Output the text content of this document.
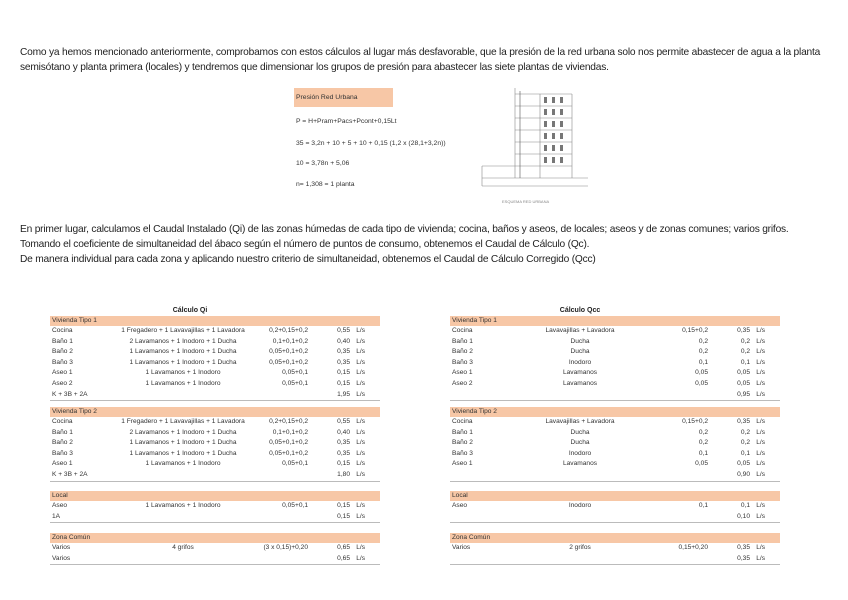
Como ya hemos mencionado anteriormente, comprobamos con estos cálculos al lugar más desfavorable, que la presión de la red urbana solo nos permite abastecer de agua a la planta semisótano y planta primera (locales) y tendremos que dimensionar los grupos de presión para abastecer las siete plantas de viviendas.
Presión Red Urbana
P = H+Pram+Pacs+Pcont+0,15Lt
35 = 3,2n + 10 + 5 + 10 + 0,15 (1,2 x (28,1+3,2n))
10 = 3,78n + 5,06
n= 1,308 = 1 planta
ESQUEMA RED URBANA
En primer lugar, calculamos el Caudal Instalado (Qi) de las zonas húmedas de cada tipo de vivienda; cocina, baños y aseos, de locales; aseos y de zonas comunes; varios grifos.
Tomando el coeficiente de simultaneidad del ábaco según el número de puntos de consumo, obtenemos el Caudal de Cálculo (Qc).
De manera individual para cada zona y aplicando nuestro criterio de simultaneidad, obtenemos el Caudal de Cálculo Corregido (Qcc)
Cálculo Qi	Cálculo Qcc
Vivienda Tipo 1
Cocina	1 Fregadero + 1 Lavavajillas + 1 Lavadora	0,2+0,15+0,2	0,55 L/s
Baño 1	2 Lavamanos + 1 Inodoro + 1 Ducha	0,1+0,1+0,2	0,40 L/s
Baño 2	1 Lavamanos + 1 Inodoro + 1 Ducha	0,05+0,1+0,2	0,35 L/s
Baño 3	1 Lavamanos + 1 Inodoro + 1 Ducha	0,05+0,1+0,2	0,35 L/s
Aseo 1	1 Lavamanos + 1 Inodoro	0,05+0,1	0,15 L/s
Aseo 2	1 Lavamanos + 1 Inodoro	0,05+0,1	0,15 L/s
K + 3B + 2A	1,95 L/s
Vivienda Tipo 2
Cocina	1 Fregadero + 1 Lavavajillas + 1 Lavadora	0,2+0,15+0,2	0,55 L/s
Baño 1	2 Lavamanos + 1 Inodoro + 1 Ducha	0,1+0,1+0,2	0,40 L/s
Baño 2	1 Lavamanos + 1 Inodoro + 1 Ducha	0,05+0,1+0,2	0,35 L/s
Baño 3	1 Lavamanos + 1 Inodoro + 1 Ducha	0,05+0,1+0,2	0,35 L/s
Aseo 1	1 Lavamanos + 1 Inodoro	0,05+0,1	0,15 L/s
K + 3B + 2A	1,80 L/s
Local
Aseo	1 Lavamanos + 1 Inodoro	0,05+0,1	0,15 L/s
1A	0,15 L/s
Zona Común
Varios	4 grifos	(3 x 0,15)+0,20	0,65 L/s
Varios	0,65 L/s
Vivienda Tipo 1
Cocina	Lavavajillas + Lavadora	0,15+0,2	0,35 L/s
Baño 1	Ducha	0,2	0,2 L/s
Baño 2	Ducha	0,2	0,2 L/s
Baño 3	Inodoro	0,1	0,1 L/s
Aseo 1	Lavamanos	0,05	0,05 L/s
Aseo 2	Lavamanos	0,05	0,05 L/s
0,95 L/s
Vivienda Tipo 2
Cocina	Lavavajillas + Lavadora	0,15+0,2	0,35 L/s
Baño 1	Ducha	0,2	0,2 L/s
Baño 2	Ducha	0,2	0,2 L/s
Baño 3	Inodoro	0,1	0,1 L/s
Aseo 1	Lavamanos	0,05	0,05 L/s
0,90 L/s
Local
Aseo	Inodoro	0,1	0,1 L/s
0,10 L/s
Zona Común
Varios	2 grifos	0,15+0,20	0,35 L/s
0,35 L/s
